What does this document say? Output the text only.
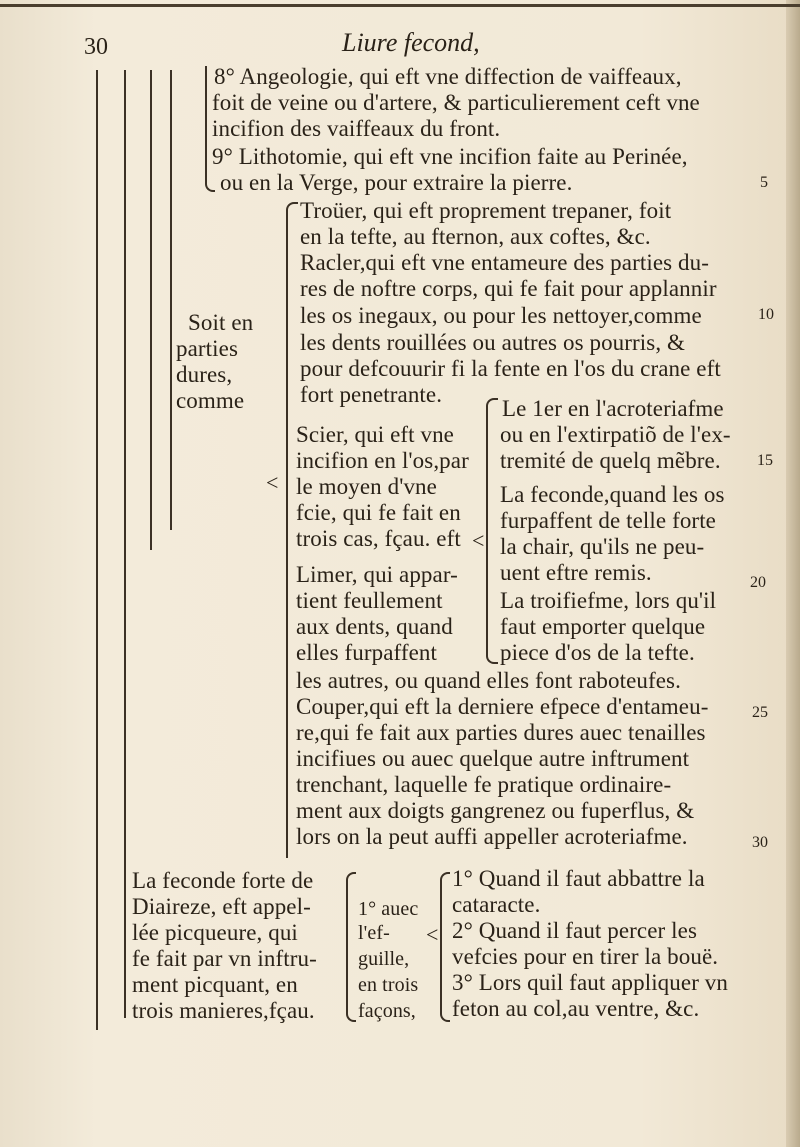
30	Liure fecond,
8° Angeologie, qui eft vne diffection de vaiffeaux,
foit de veine ou d'artere, & particulierement ceft vne
incifion des vaiffeaux du front.
9° Lithotomie, qui eft vne incifion faite au Perinée,
ou en la Verge, pour extraire la pierre.	5
Soit en
parties
dures,
comme
Troüer, qui eft proprement trepaner, foit
en la tefte, au fternon, aux coftes, &c.
Racler,qui eft vne entameure des parties du-
res de noftre corps, qui fe fait pour applannir
les os inegaux, ou pour les nettoyer,comme	10
les dents rouillées ou autres os pourris, &
pour defcouurir fi la fente en l'os du crane eft
fort penetrante.
Scier, qui eft vne
incifion en l'os,par
le moyen d'vne
fcie, qui fe fait en
trois cas, fçau. eft
Limer, qui appar-
tient feullement
aux dents, quand
elles furpaffent
<
<
Le 1er en l'acroteriafme
ou en l'extirpatiõ de l'ex-
tremité de quelq mẽbre. 15
La feconde,quand les os
furpaffent de telle forte
la chair, qu'ils ne peu-
uent eftre remis.	20
La troifiefme, lors qu'il
faut emporter quelque
piece d'os de la tefte.
les autres, ou quand elles font raboteufes.
Couper,qui eft la derniere efpece d'entameu-	25
re,qui fe fait aux parties dures auec tenailles
incifiues ou auec quelque autre inftrument
trenchant, laquelle fe pratique ordinaire-
ment aux doigts gangrenez ou fuperflus, &
lors on la peut auffi appeller acroteriafme.	30
La feconde forte de
Diaireze, eft appel-
lée picqueure, qui
fe fait par vn inftru-
ment picquant, en
trois manieres,fçau.
1° auec
l'ef-
guille,
en trois
façons,
<
1° Quand il faut abbattre la
cataracte.
2° Quand il faut percer les
vefcies pour en tirer la bouë.
3° Lors quil faut appliquer vn
feton au col,au ventre, &c.
